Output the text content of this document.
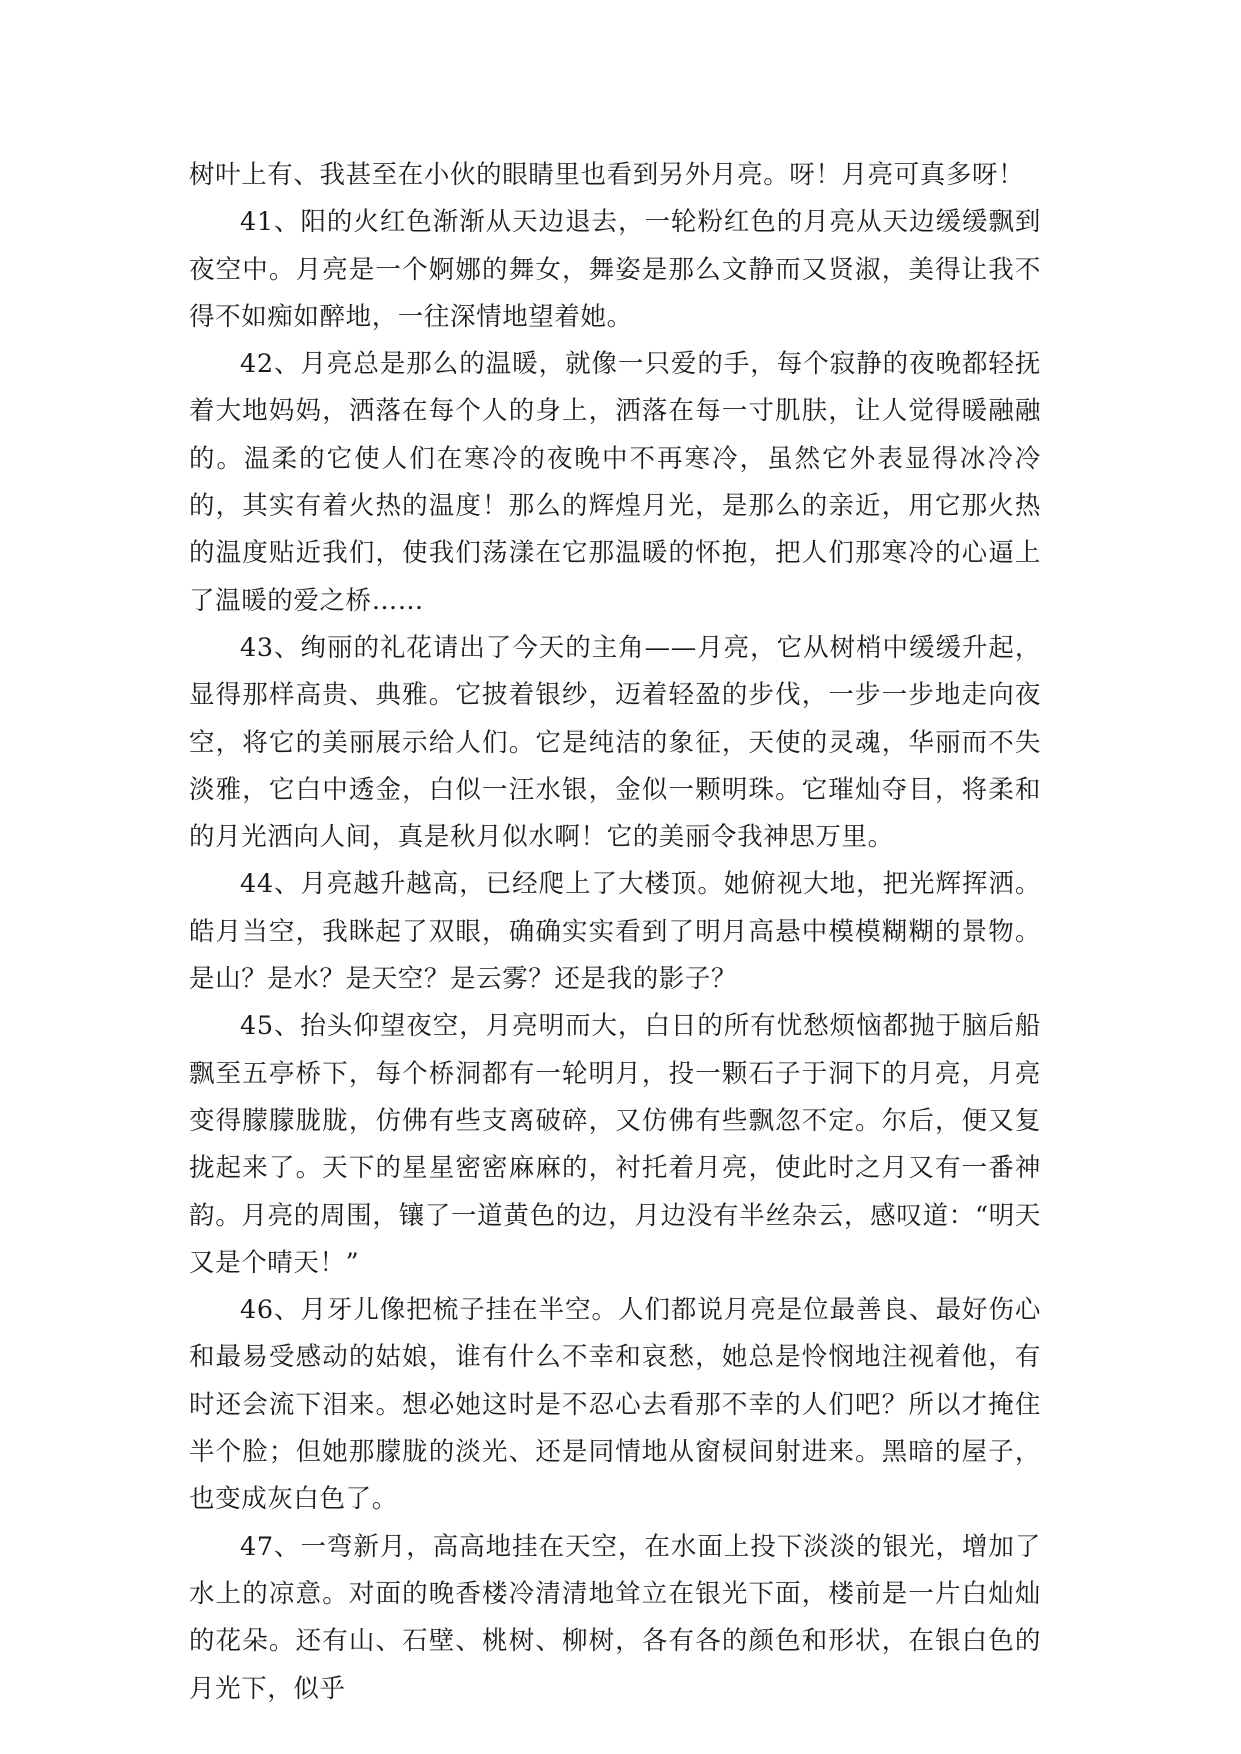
树叶上有、我甚至在小伙的眼睛里也看到另外月亮。呀！月亮可真多呀！

41、阳的火红色渐渐从天边退去，一轮粉红色的月亮从天边缓缓飘到夜空中。月亮是一个婀娜的舞女，舞姿是那么文静而又贤淑，美得让我不得不如痴如醉地，一往深情地望着她。

42、月亮总是那么的温暖，就像一只爱的手，每个寂静的夜晚都轻抚着大地妈妈，洒落在每个人的身上，洒落在每一寸肌肤，让人觉得暖融融的。温柔的它使人们在寒冷的夜晚中不再寒冷，虽然它外表显得冰冷冷的，其实有着火热的温度！那么的辉煌月光，是那么的亲近，用它那火热的温度贴近我们，使我们荡漾在它那温暖的怀抱，把人们那寒冷的心逼上了温暖的爱之桥……

43、绚丽的礼花请出了今天的主角——月亮，它从树梢中缓缓升起，显得那样高贵、典雅。它披着银纱，迈着轻盈的步伐，一步一步地走向夜空，将它的美丽展示给人们。它是纯洁的象征，天使的灵魂，华丽而不失淡雅，它白中透金，白似一汪水银，金似一颗明珠。它璀灿夺目，将柔和的月光洒向人间，真是秋月似水啊！它的美丽令我神思万里。

44、月亮越升越高，已经爬上了大楼顶。她俯视大地，把光辉挥洒。皓月当空，我眯起了双眼，确确实实看到了明月高悬中模模糊糊的景物。是山？是水？是天空？是云雾？还是我的影子？

45、抬头仰望夜空，月亮明而大，白日的所有忧愁烦恼都抛于脑后船飘至五亭桥下，每个桥洞都有一轮明月，投一颗石子于洞下的月亮，月亮变得朦朦胧胧，仿佛有些支离破碎，又仿佛有些飘忽不定。尔后，便又复拢起来了。天下的星星密密麻麻的，衬托着月亮，使此时之月又有一番神韵。月亮的周围，镶了一道黄色的边，月边没有半丝杂云，感叹道：“明天又是个晴天！”

46、月牙儿像把梳子挂在半空。人们都说月亮是位最善良、最好伤心和最易受感动的姑娘，谁有什么不幸和哀愁，她总是怜悯地注视着他，有时还会流下泪来。想必她这时是不忍心去看那不幸的人们吧？所以才掩住半个脸；但她那朦胧的淡光、还是同情地从窗棂间射进来。黑暗的屋子，也变成灰白色了。

47、一弯新月，高高地挂在天空，在水面上投下淡淡的银光，增加了水上的凉意。对面的晚香楼冷清清地耸立在银光下面，楼前是一片白灿灿的花朵。还有山、石壁、桃树、柳树，各有各的颜色和形状，在银白色的月光下，似乎
